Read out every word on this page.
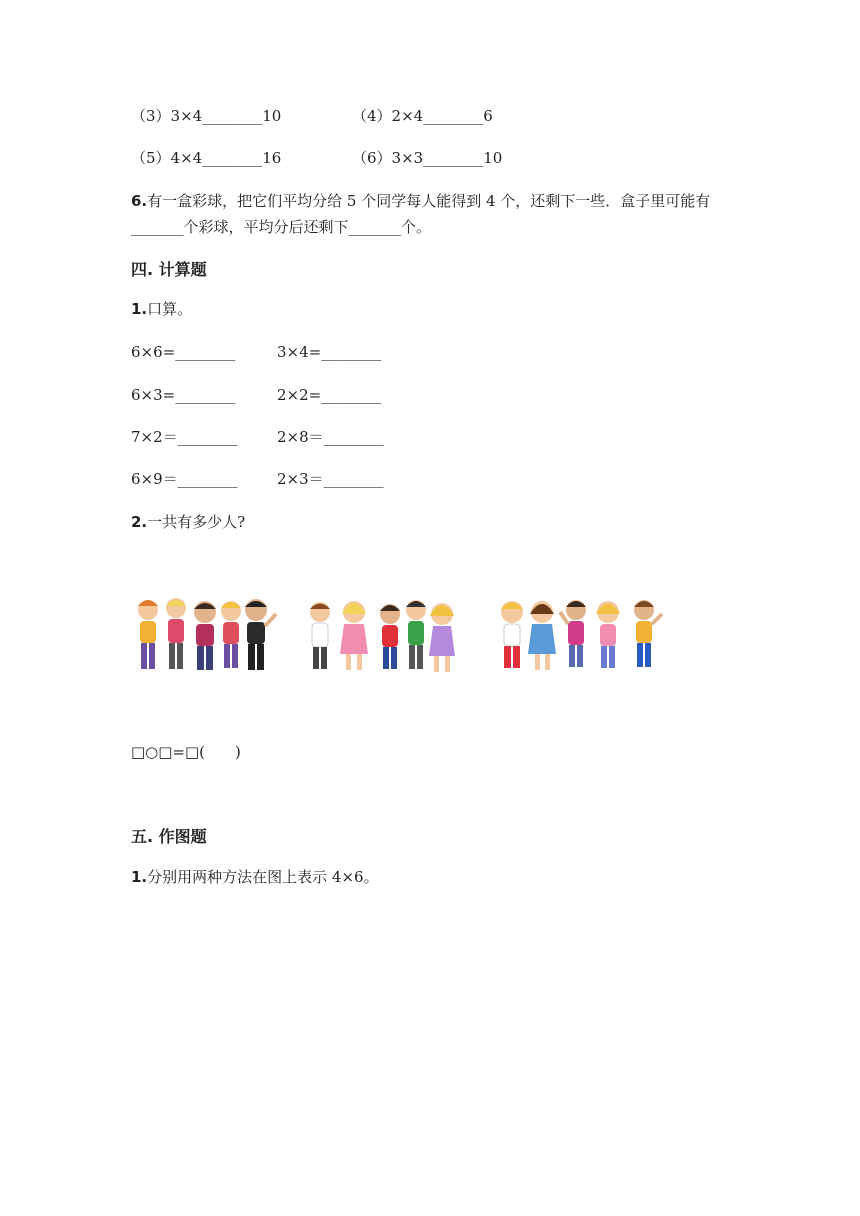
（3）3×4________10	（4）2×4________6
（5）4×4________16	（6）3×3________10
6.有一盒彩球，把它们平均分给 5 个同学每人能得到 4 个，还剩下一些．盒子里可能有_______个彩球，平均分后还剩下_______个。
四. 计算题
1.口算。
6×6=________	3×4=________
6×3=________	2×2=________
7×2＝________	2×8＝________
6×9＝________	2×3＝________
2.一共有多少人?
□○□=□(　　)
五. 作图题
1.分别用两种方法在图上表示 4×6。
